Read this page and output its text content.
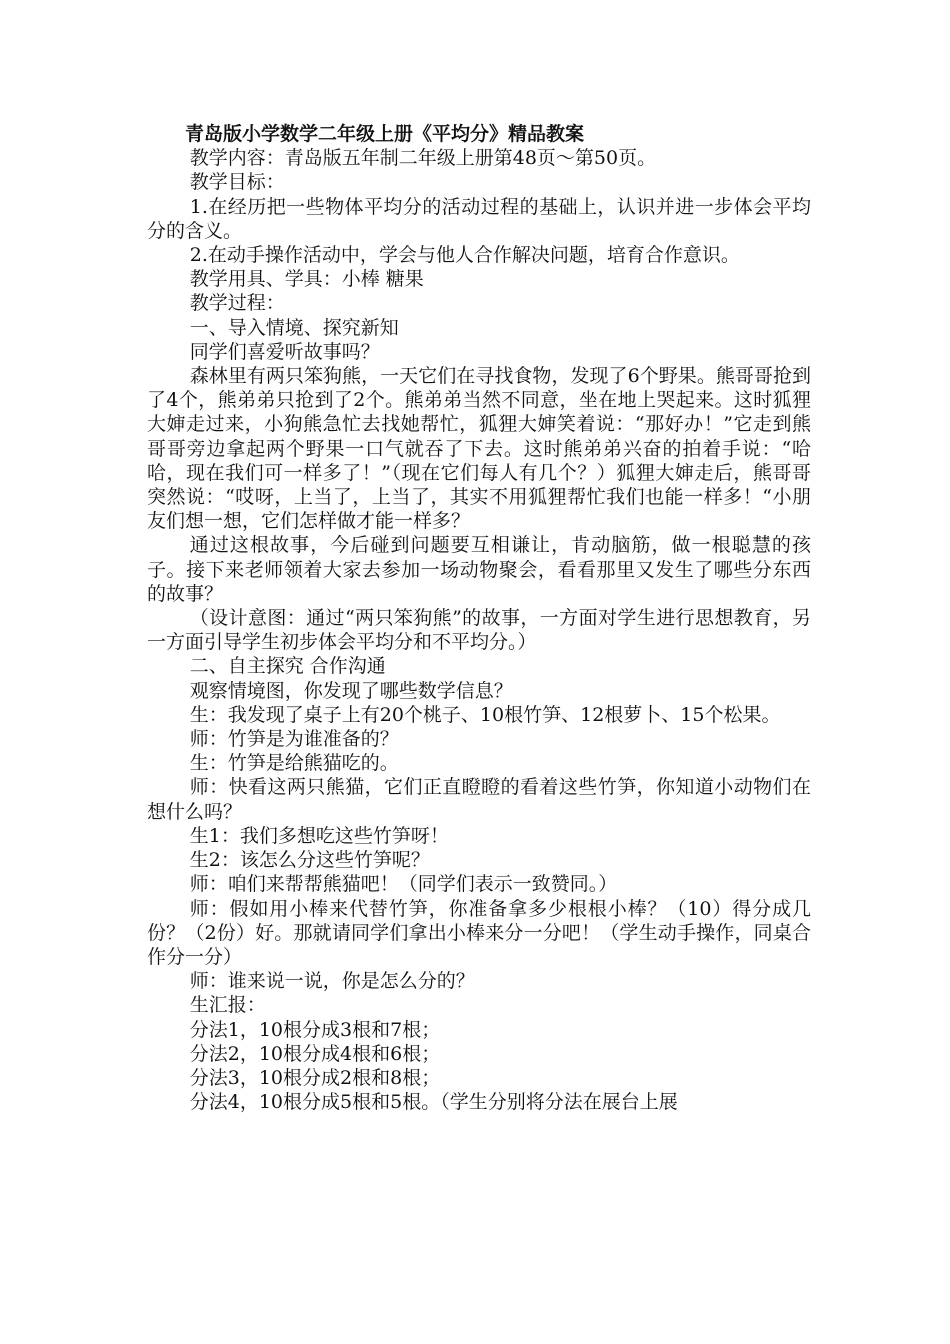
青岛版小学数学二年级上册《平均分》精品教案

教学内容：青岛版五年制二年级上册第48页～第50页。

教学目标：

1.在经历把一些物体平均分的活动过程的基础上，认识并进一步体会平均分的含义。

2.在动手操作活动中，学会与他人合作解决问题，培育合作意识。

教学用具、学具：小棒 糖果

教学过程：

一、导入情境、探究新知

同学们喜爱听故事吗？

森林里有两只笨狗熊，一天它们在寻找食物，发现了6个野果。熊哥哥抢到了4个，熊弟弟只抢到了2个。熊弟弟当然不同意，坐在地上哭起来。这时狐狸大婶走过来，小狗熊急忙去找她帮忙，狐狸大婶笑着说：“那好办！”它走到熊哥哥旁边拿起两个野果一口气就吞了下去。这时熊弟弟兴奋的拍着手说：“哈哈，现在我们可一样多了！”（现在它们每人有几个？）狐狸大婶走后，熊哥哥突然说：“哎呀，上当了，上当了，其实不用狐狸帮忙我们也能一样多！“小朋友们想一想，它们怎样做才能一样多？

通过这根故事，今后碰到问题要互相谦让，肯动脑筋，做一根聪慧的孩子。接下来老师领着大家去参加一场动物聚会，看看那里又发生了哪些分东西的故事？

（设计意图：通过“两只笨狗熊”的故事，一方面对学生进行思想教育，另一方面引导学生初步体会平均分和不平均分。）

二、自主探究 合作沟通

观察情境图，你发现了哪些数学信息？

生：我发现了桌子上有20个桃子、10根竹笋、12根萝卜、15个松果。

师：竹笋是为谁准备的？

生：竹笋是给熊猫吃的。

师：快看这两只熊猫，它们正直瞪瞪的看着这些竹笋，你知道小动物们在想什么吗？

生1：我们多想吃这些竹笋呀！

生2：该怎么分这些竹笋呢？

师：咱们来帮帮熊猫吧！（同学们表示一致赞同。）

师：假如用小棒来代替竹笋，你准备拿多少根根小棒？（10）得分成几份？（2份）好。那就请同学们拿出小棒来分一分吧！（学生动手操作，同桌合作分一分）

师：谁来说一说，你是怎么分的？

生汇报：

分法1，10根分成3根和7根；

分法2，10根分成4根和6根；

分法3，10根分成2根和8根；

分法4，10根分成5根和5根。（学生分别将分法在展台上展
